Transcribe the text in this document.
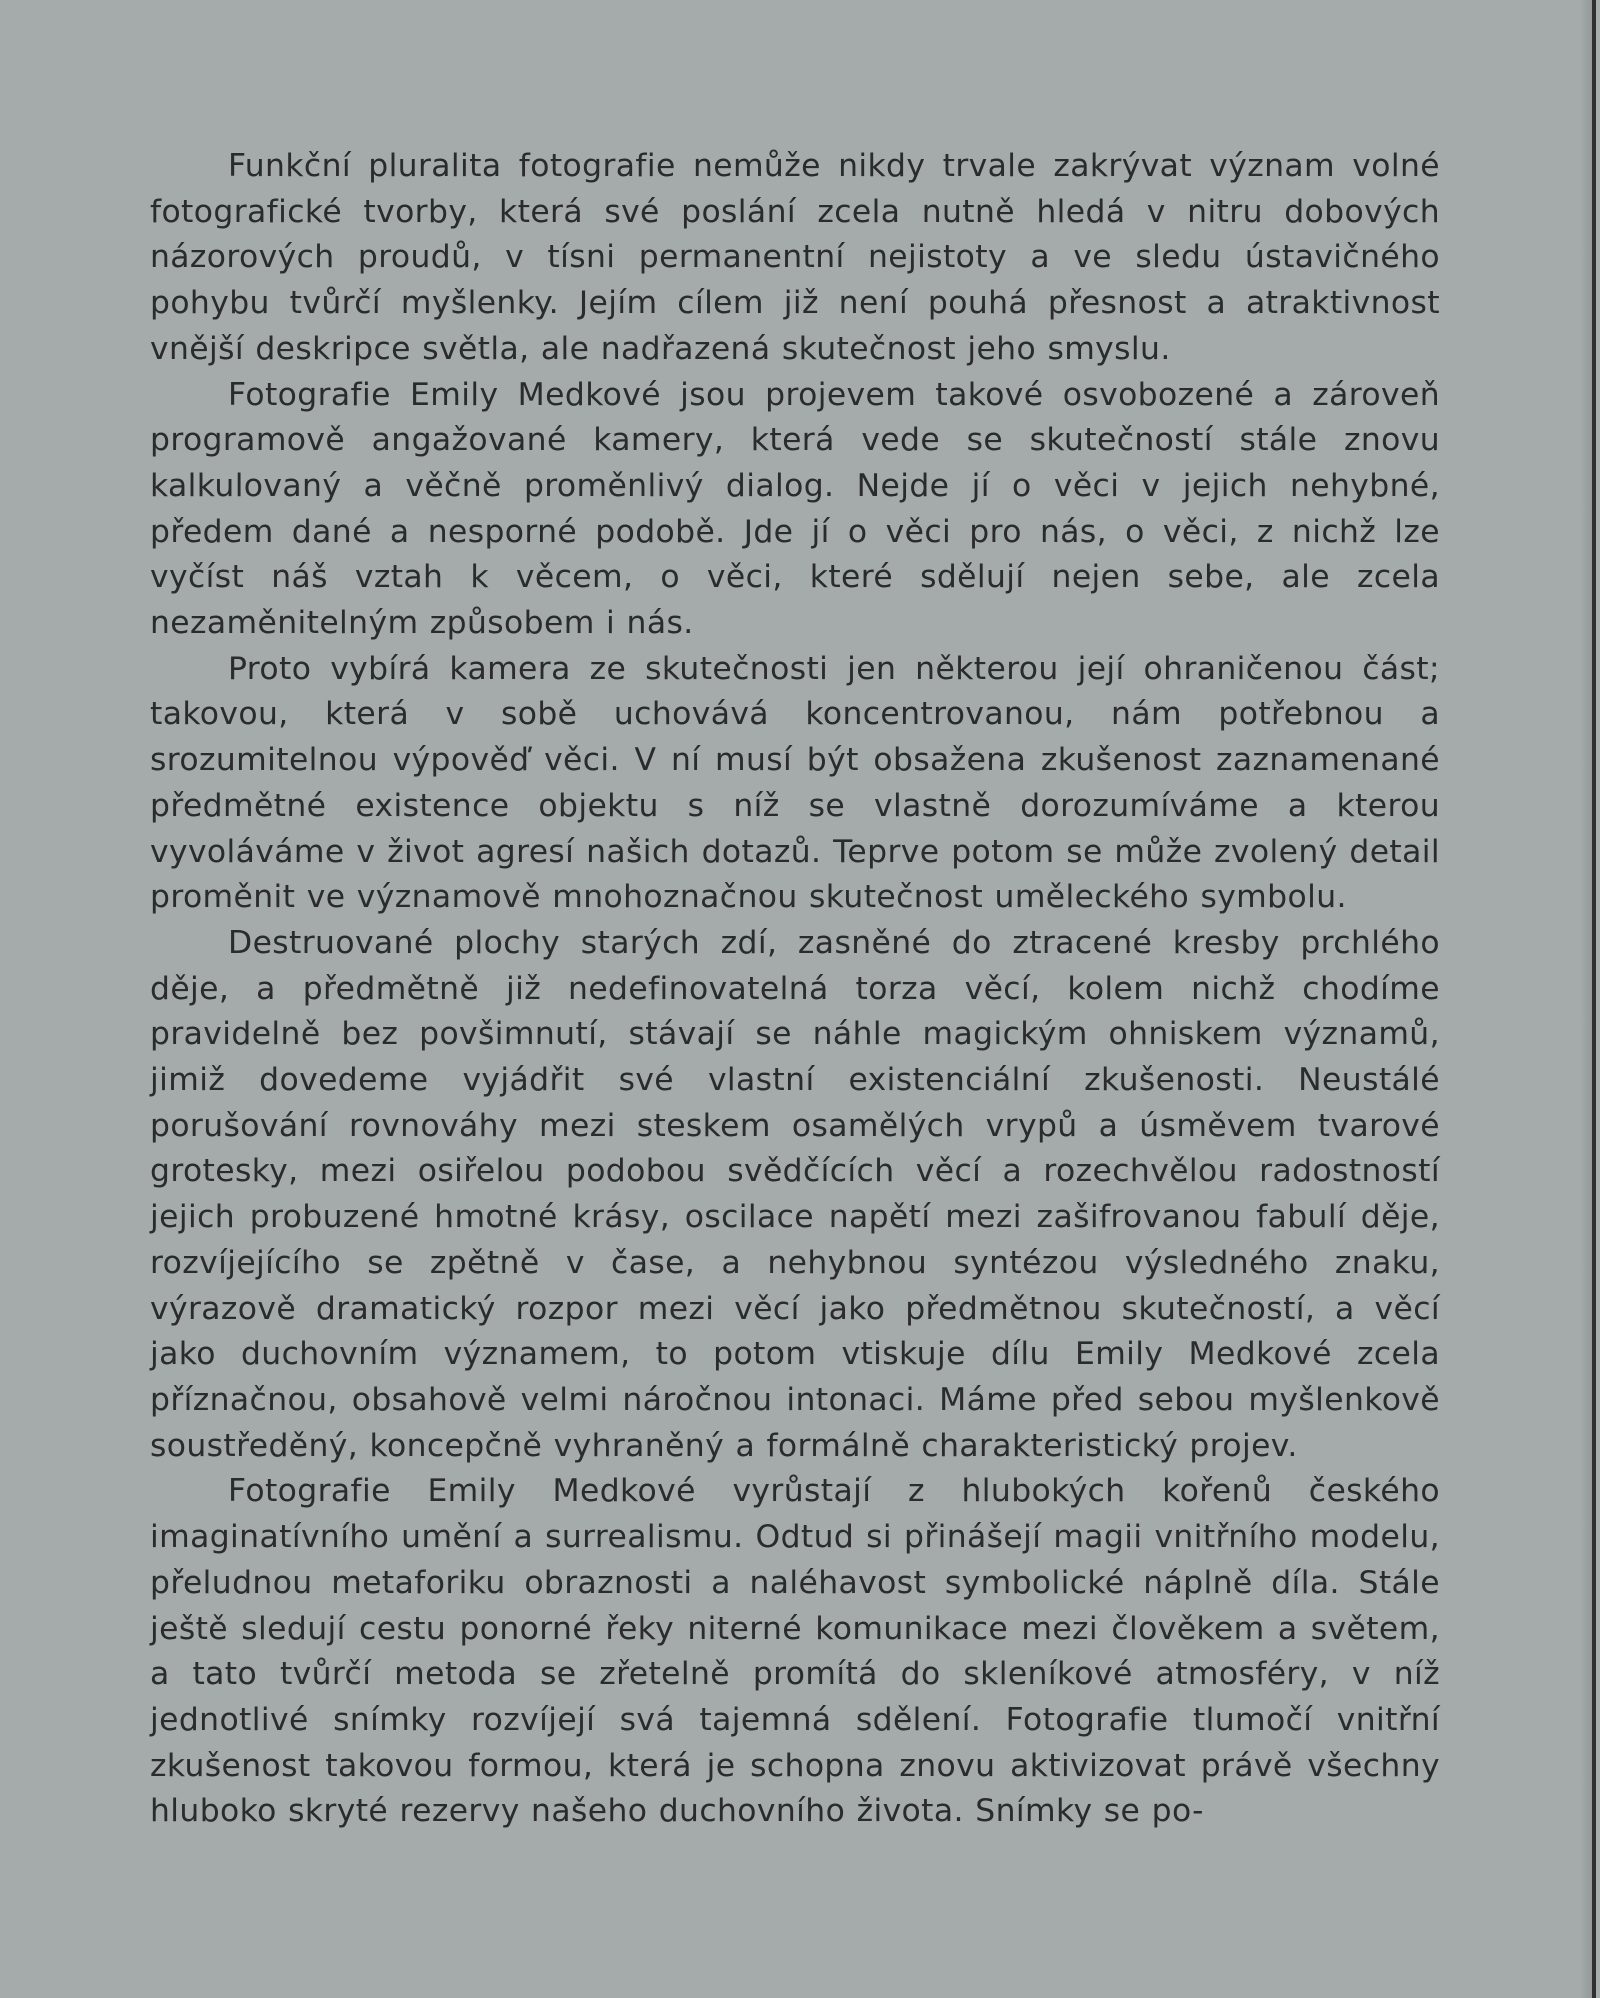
Funkční pluralita fotografie nemůže nikdy trvale zakrývat význam volné fotografické tvorby, která své poslání zcela nutně hledá v nitru dobových názorových proudů, v tísni permanentní nejistoty a ve sledu ústavičného pohybu tvůrčí myšlenky. Jejím cílem již není pouhá přesnost a atraktivnost vnější deskripce světla, ale nadřazená skutečnost jeho smyslu.

Fotografie Emily Medkové jsou projevem takové osvobozené a zároveň programově angažované kamery, která vede se skutečností stále znovu kalkulovaný a věčně proměnlivý dialog. Nejde jí o věci v jejich nehybné, předem dané a nesporné podobě. Jde jí o věci pro nás, o věci, z nichž lze vyčíst náš vztah k věcem, o věci, které sdělují nejen sebe, ale zcela nezaměnitelným způsobem i nás.

Proto vybírá kamera ze skutečnosti jen některou její ohraničenou část; takovou, která v sobě uchovává koncentrovanou, nám potřebnou a srozumitelnou výpověď věci. V ní musí být obsažena zkušenost zaznamenané předmětné existence objektu s níž se vlastně dorozumíváme a kterou vyvoláváme v život agresí našich dotazů. Teprve potom se může zvolený detail proměnit ve významově mnohoznačnou skutečnost uměleckého symbolu.

Destruované plochy starých zdí, zasněné do ztracené kresby prchlého děje, a předmětně již nedefinovatelná torza věcí, kolem nichž chodíme pravidelně bez povšimnutí, stávají se náhle magickým ohniskem významů, jimiž dovedeme vyjádřit své vlastní existenciální zkušenosti. Neustálé porušování rovnováhy mezi steskem osamělých vrypů a úsměvem tvarové grotesky, mezi osiřelou podobou svědčících věcí a rozechvělou radostností jejich probuzené hmotné krásy, oscilace napětí mezi zašifrovanou fabulí děje, rozvíjejícího se zpětně v čase, a nehybnou syntézou výsledného znaku, výrazově dramatický rozpor mezi věcí jako předmětnou skutečností, a věcí jako duchovním významem, to potom vtiskuje dílu Emily Medkové zcela příznačnou, obsahově velmi náročnou intonaci. Máme před sebou myšlenkově soustředěný, koncepčně vyhraněný a formálně charakteristický projev.

Fotografie Emily Medkové vyrůstají z hlubokých kořenů českého imaginatívního umění a surrealismu. Odtud si přinášejí magii vnitřního modelu, přeludnou metaforiku obraznosti a naléhavost symbolické náplně díla. Stále ještě sledují cestu ponorné řeky niterné komunikace mezi člověkem a světem, a tato tvůrčí metoda se zřetelně promítá do skleníkové atmosféry, v níž jednotlivé snímky rozvíjejí svá tajemná sdělení. Fotografie tlumočí vnitřní zkušenost takovou formou, která je schopna znovu aktivizovat právě všechny hluboko skryté rezervy našeho duchovního života. Snímky se po-
